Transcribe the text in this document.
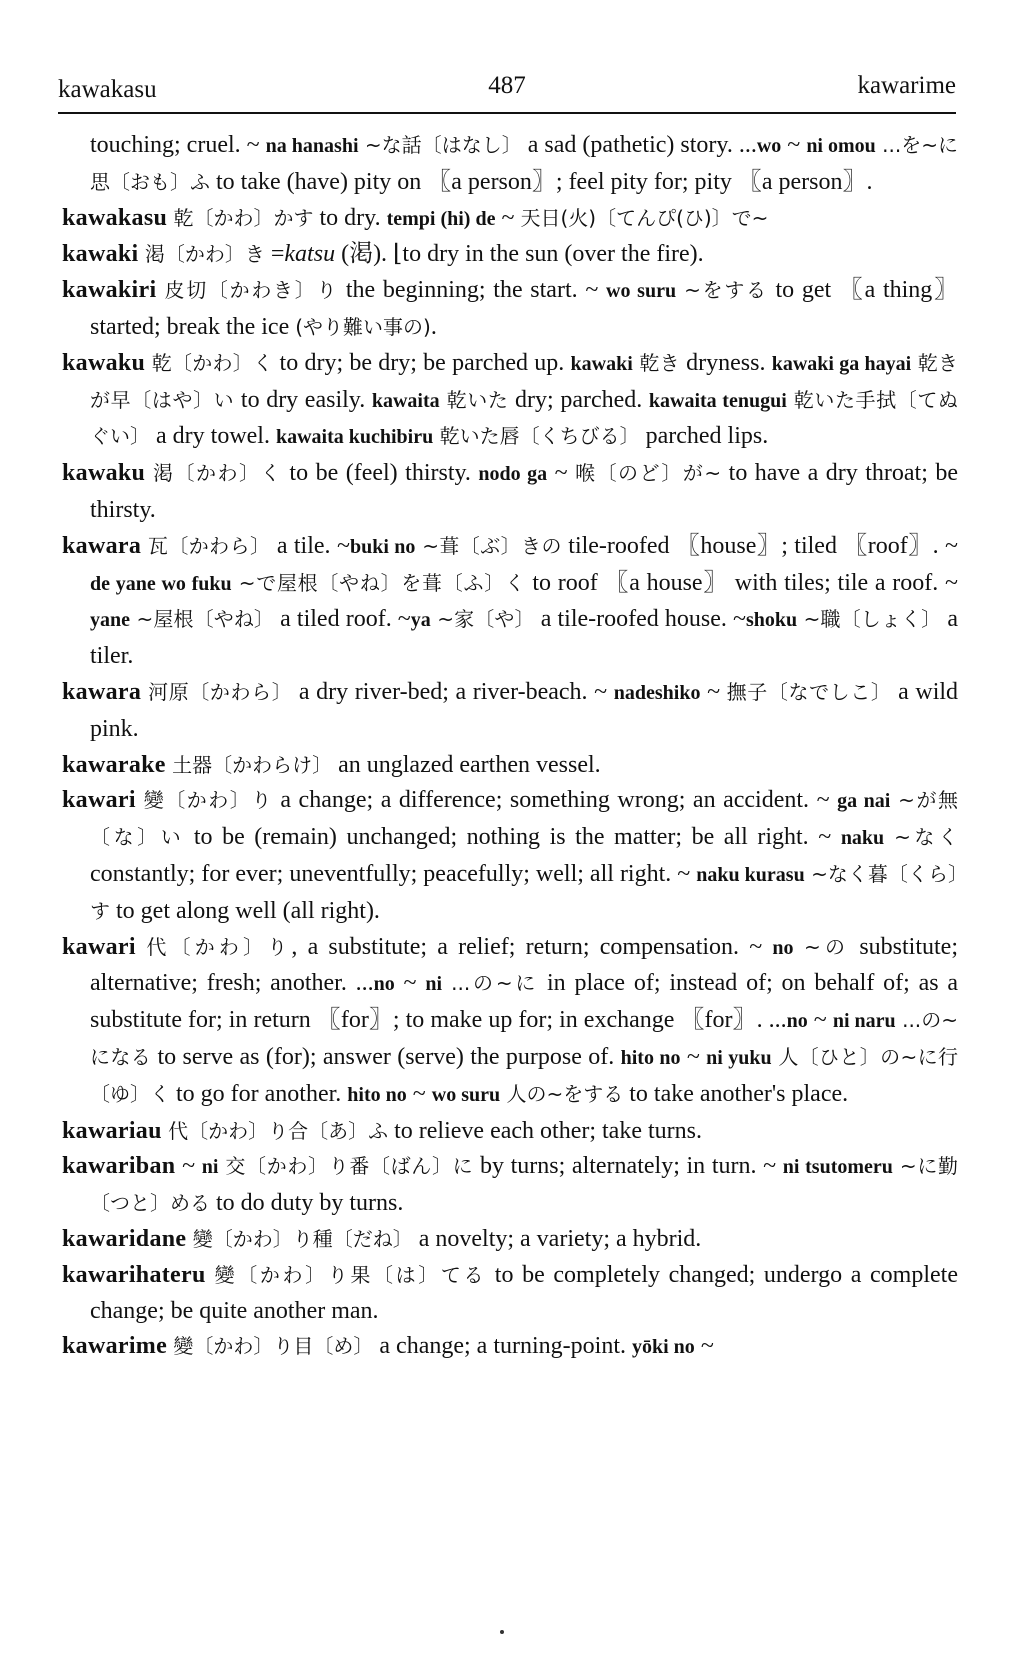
kawakasu	487	kawarime
touching; cruel. ~ na hanashi ~な話〔はなし〕 a sad (pathetic) story. ...wo ~ ni omou ...を~に思〔おも〕ふ to take (have) pity on 〖a person〗; feel pity for; pity 〖a person〗.
kawakasu 乾〔かわ〕かす to dry. tempi (hi) de ~ 天日(火)〔てんぴ(ひ)〕で~
kawaki 渇〔かわ〕き =katsu (渇). ⌊to dry in the sun (over the fire).
kawakiri 皮切〔かわき〕り the beginning; the start. ~ wo suru ~をする to get 〖a thing〗 started; break the ice (やり難い事の).
kawaku 乾〔かわ〕く to dry; be dry; be parched up. kawaki 乾き dryness. kawaki ga hayai 乾きが早〔はや〕い to dry easily. kawaita 乾いた dry; parched. kawaita tenugui 乾いた手拭〔てぬぐい〕 a dry towel. kawaita kuchibiru 乾いた唇〔くちびる〕 parched lips.
kawaku 渇〔かわ〕く to be (feel) thirsty. nodo ga ~ 喉〔のど〕が~ to have a dry throat; be thirsty.
kawara 瓦〔かわら〕 a tile. ~buki no ~葺〔ぶ〕きの tile-roofed 〖house〗; tiled 〖roof〗. ~ de yane wo fuku ~で屋根〔やね〕を葺〔ふ〕く to roof 〖a house〗 with tiles; tile a roof. ~ yane ~屋根〔やね〕 a tiled roof. ~ya ~家〔や〕 a tile-roofed house. ~shoku ~職〔しょく〕 a tiler.
kawara 河原〔かわら〕 a dry river-bed; a river-beach. ~ nadeshiko ~ 撫子〔なでしこ〕 a wild pink.
kawarake 土器〔かわらけ〕 an unglazed earthen vessel.
kawari 變〔かわ〕り a change; a difference; something wrong; an accident. ~ ga nai ~が無〔な〕い to be (remain) unchanged; nothing is the matter; be all right. ~ naku ~なく constantly; for ever; uneventfully; peacefully; well; all right. ~ naku kurasu ~なく暮〔くら〕す to get along well (all right).
kawari 代〔かわ〕り, a substitute; a relief; return; compensation. ~ no ~の substitute; alternative; fresh; another. ...no ~ ni ...の~に in place of; instead of; on behalf of; as a substitute for; in return 〖for〗; to make up for; in exchange 〖for〗. ...no ~ ni naru ...の~になる to serve as (for); answer (serve) the purpose of. hito no ~ ni yuku 人〔ひと〕の~に行〔ゆ〕く to go for another. hito no ~ wo suru 人の~をする to take another's place.
kawariau 代〔かわ〕り合〔あ〕ふ to relieve each other; take turns.
kawariban ~ ni 交〔かわ〕り番〔ばん〕に by turns; alternately; in turn. ~ ni tsutomeru ~に勤〔つと〕める to do duty by turns.
kawaridane 變〔かわ〕り種〔だね〕 a novelty; a variety; a hybrid.
kawarihateru 變〔かわ〕り果〔は〕てる to be completely changed; undergo a complete change; be quite another man.
kawarime 變〔かわ〕り目〔め〕 a change; a turning-point. yōki no ~
